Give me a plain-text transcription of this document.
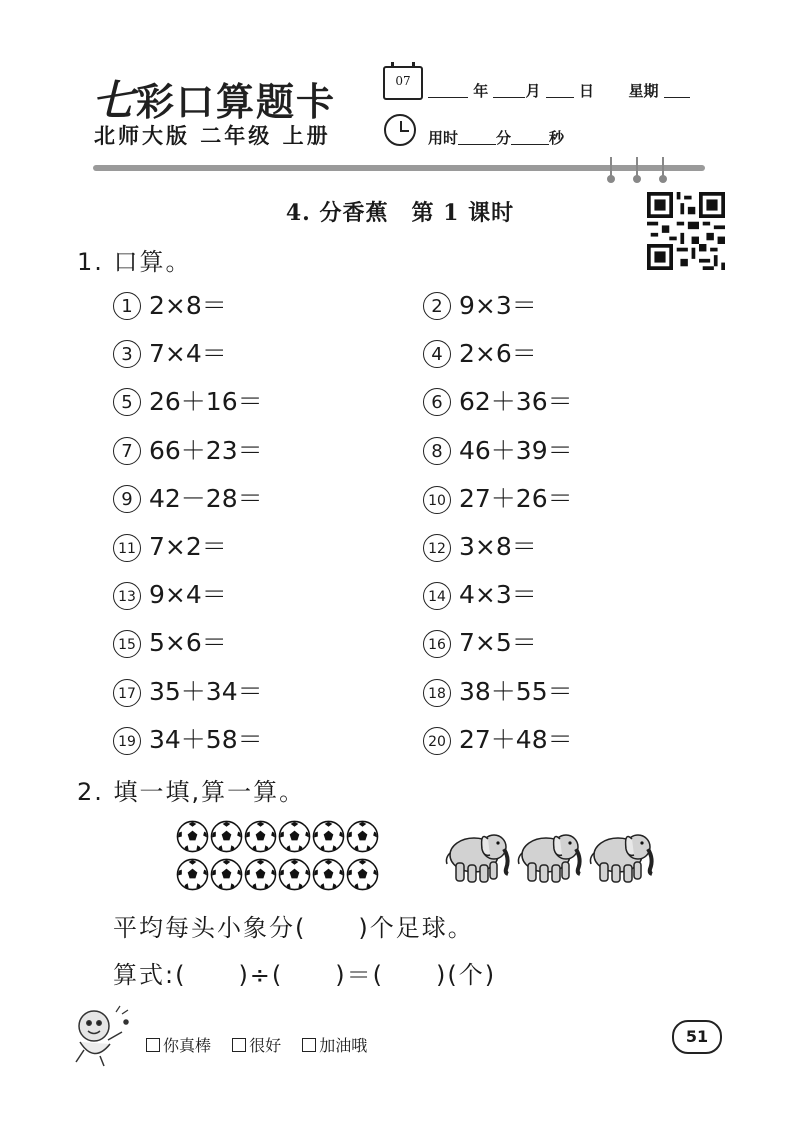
七彩口算题卡
北师大版 二年级 上册
07
年 月	日 星期
用时	分	秒
4. 分香蕉　第 1 课时
1. 口算。
1 2×8＝	2 9×3＝
3 7×4＝	4 2×6＝
5 26＋16＝	6 62＋36＝
7 66＋23＝	8 46＋39＝
9 42－28＝	10 27＋26＝
11 7×2＝	12 3×8＝
13 9×4＝	14 4×3＝
15 5×6＝	16 7×5＝
17 35＋34＝	18 38＋55＝
19 34＋58＝	20 27＋48＝
2. 填一填,算一算。
平均每头小象分(　　)个足球。
算式:(　　)÷(　　)＝(　　)(个)
你真棒 很好 加油哦	51
